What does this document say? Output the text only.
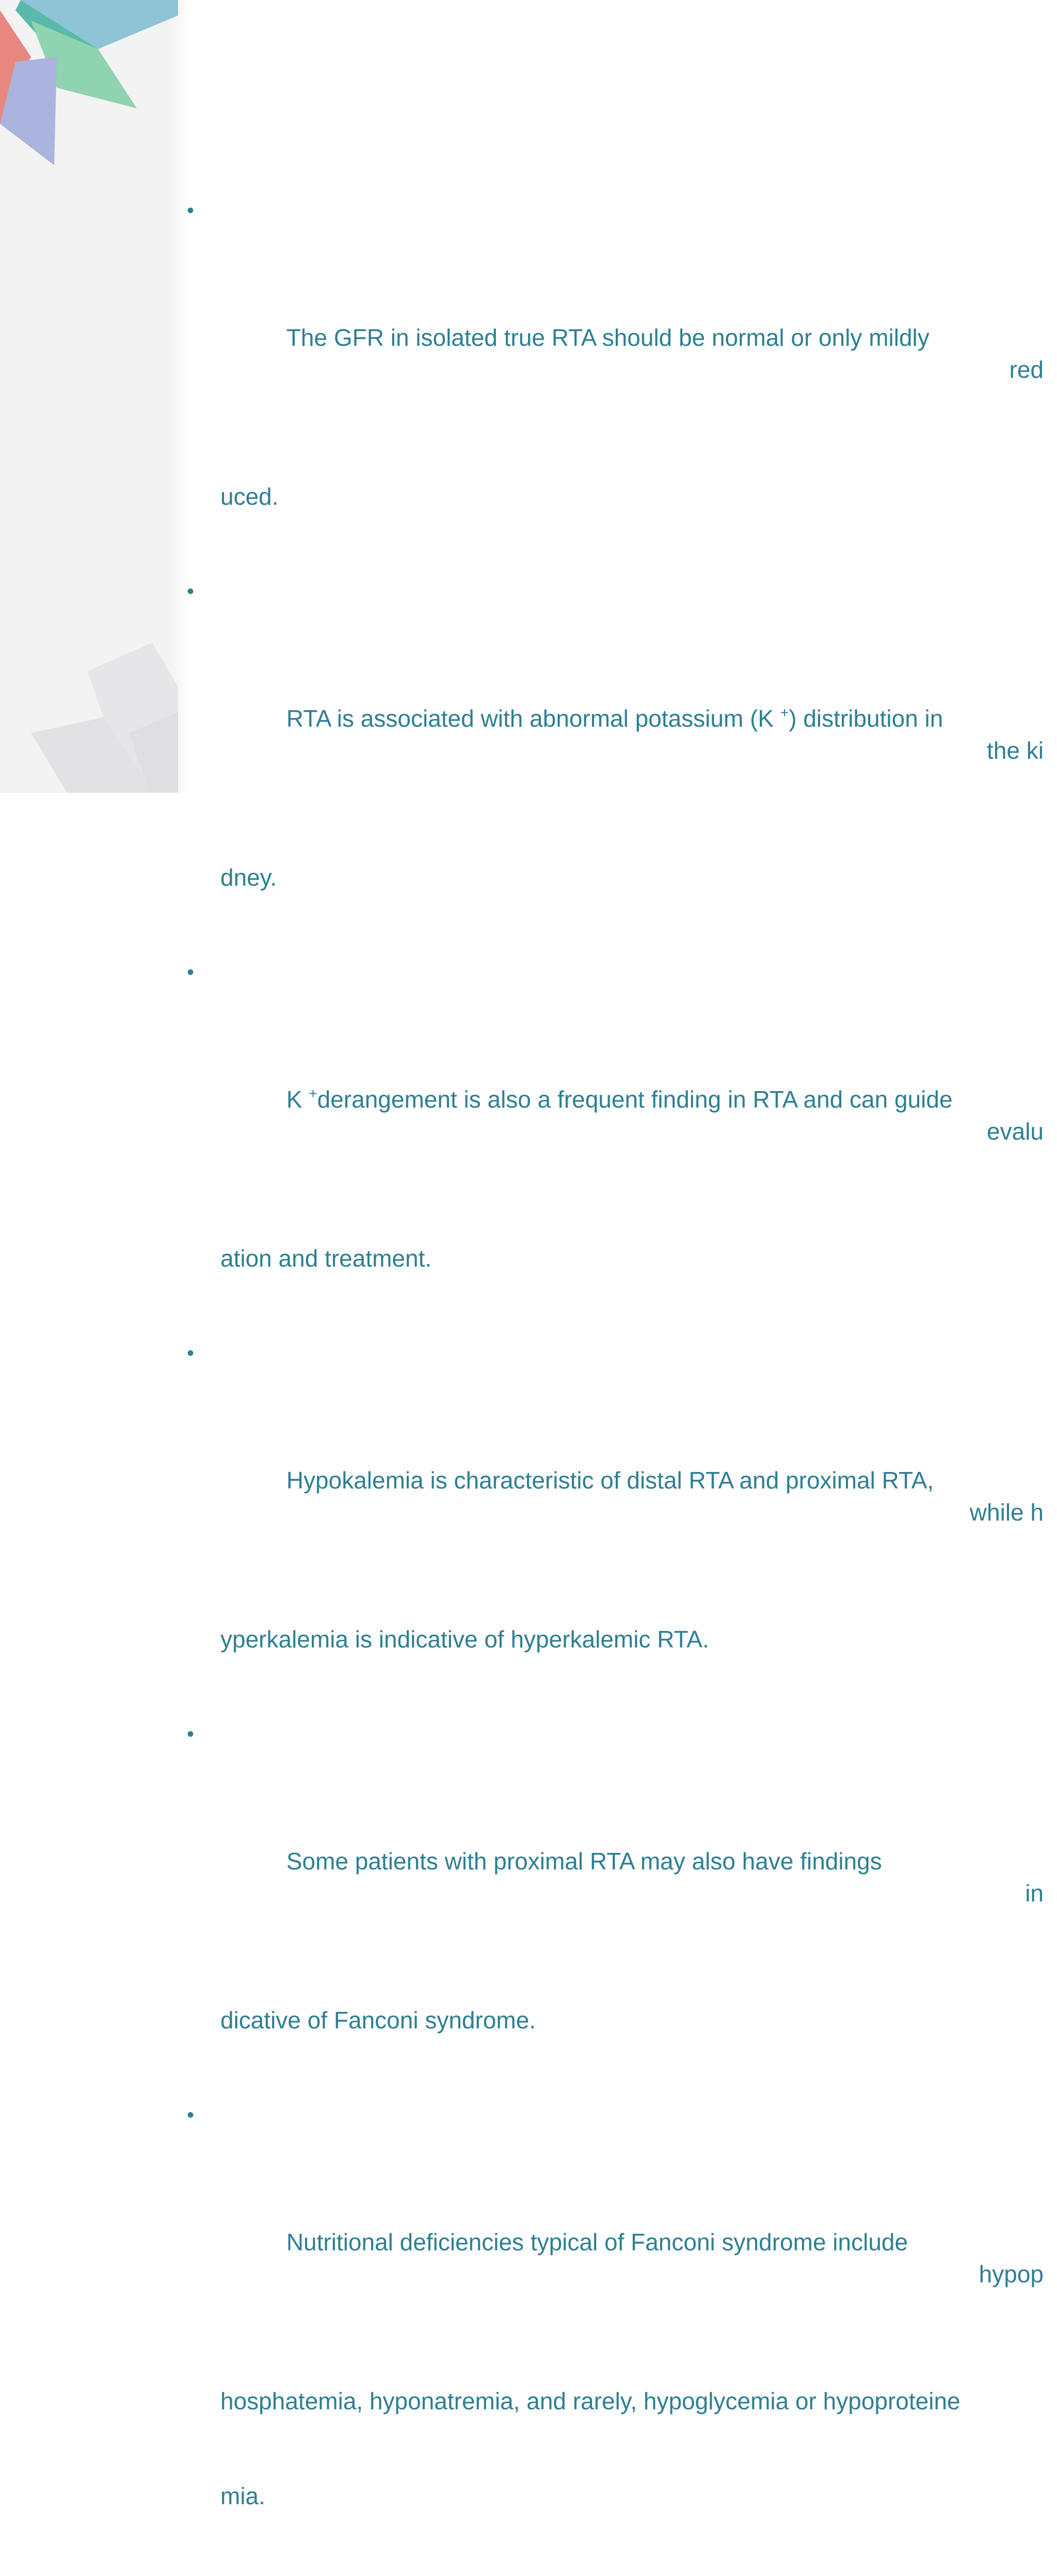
•

The GFR in isolated true RTA should be normal or only mildly

red

uced.

•

RTA is associated with abnormal potassium (K +) distribution in

the ki

dney.

•

K +derangement is also a frequent finding in RTA and can guide

evalu

ation and treatment.

•

Hypokalemia is characteristic of distal RTA and proximal RTA,

while h

yperkalemia is indicative of hyperkalemic RTA.

•

Some patients with proximal RTA may also have findings

in

dicative of Fanconi syndrome.

•

Nutritional deficiencies typical of Fanconi syndrome include

hypop

hosphatemia, hyponatremia, and rarely, hypoglycemia or hypoproteine

mia.
